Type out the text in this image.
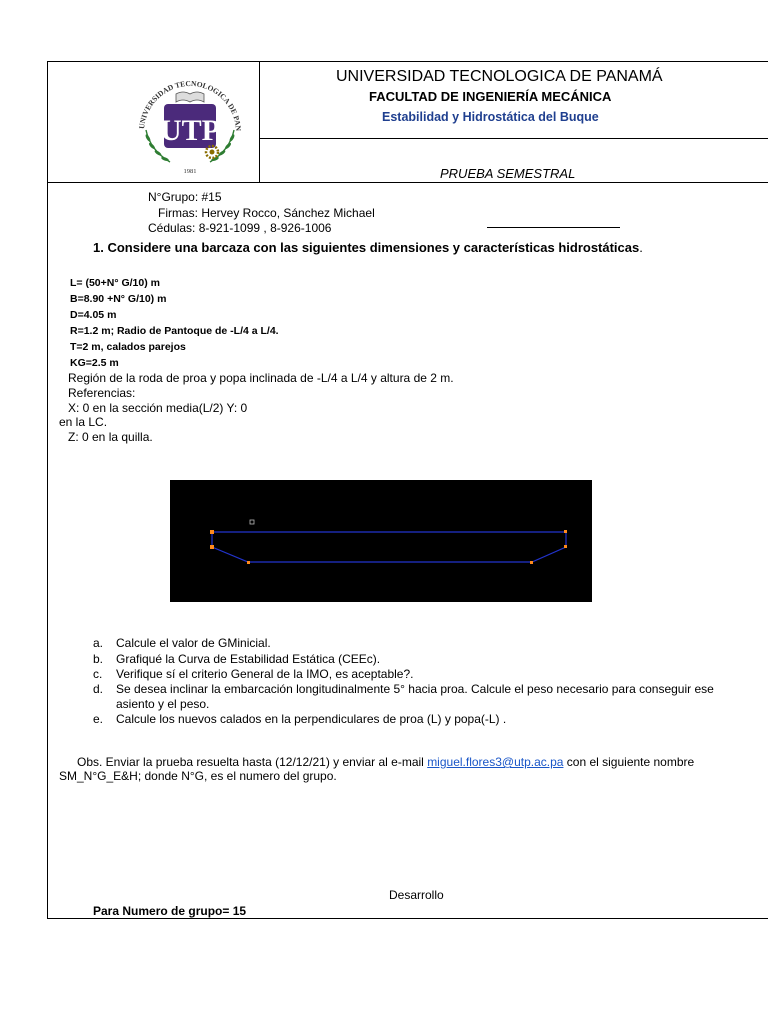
UNIVERSIDAD TECNOLOGICA DE PAN
UTP
1981
UNIVERSIDAD TECNOLOGICA DE PANAMÁ
FACULTAD DE INGENIERÍA MECÁNICA
Estabilidad y Hidrostática del Buque
PRUEBA SEMESTRAL
N°Grupo: #15
Firmas: Hervey Rocco, Sánchez Michael
Cédulas: 8-921-1099 , 8-926-1006
1. Considere una barcaza con las siguientes dimensiones y características hidrostáticas.
L= (50+N° G/10) m
B=8.90 +N° G/10) m
D=4.05 m
R=1.2 m; Radio de Pantoque de -L/4 a L/4.
T=2 m, calados parejos
KG=2.5 m
Región de la roda de proa y popa inclinada de -L/4 a L/4 y altura de 2 m.
Referencias:
X: 0 en la sección media(L/2) Y: 0
en la LC.
Z: 0 en la quilla.
a. Calcule el valor de GMinicial.
b. Grafiqué la Curva de Estabilidad Estática (CEEc).
c. Verifique sí el criterio General de la IMO, es aceptable?.
d. Se desea inclinar la embarcación longitudinalmente 5° hacia proa. Calcule el peso necesario para conseguir ese
asiento y el peso.
e. Calcule los nuevos calados en la perpendiculares de proa (L) y popa(-L) .
Obs. Enviar la prueba resuelta hasta (12/12/21) y enviar al e-mail miguel.flores3@utp.ac.pa con el siguiente nombre
SM_N°G_E&H; donde N°G, es el numero del grupo.
Desarrollo
Para Numero de grupo= 15
